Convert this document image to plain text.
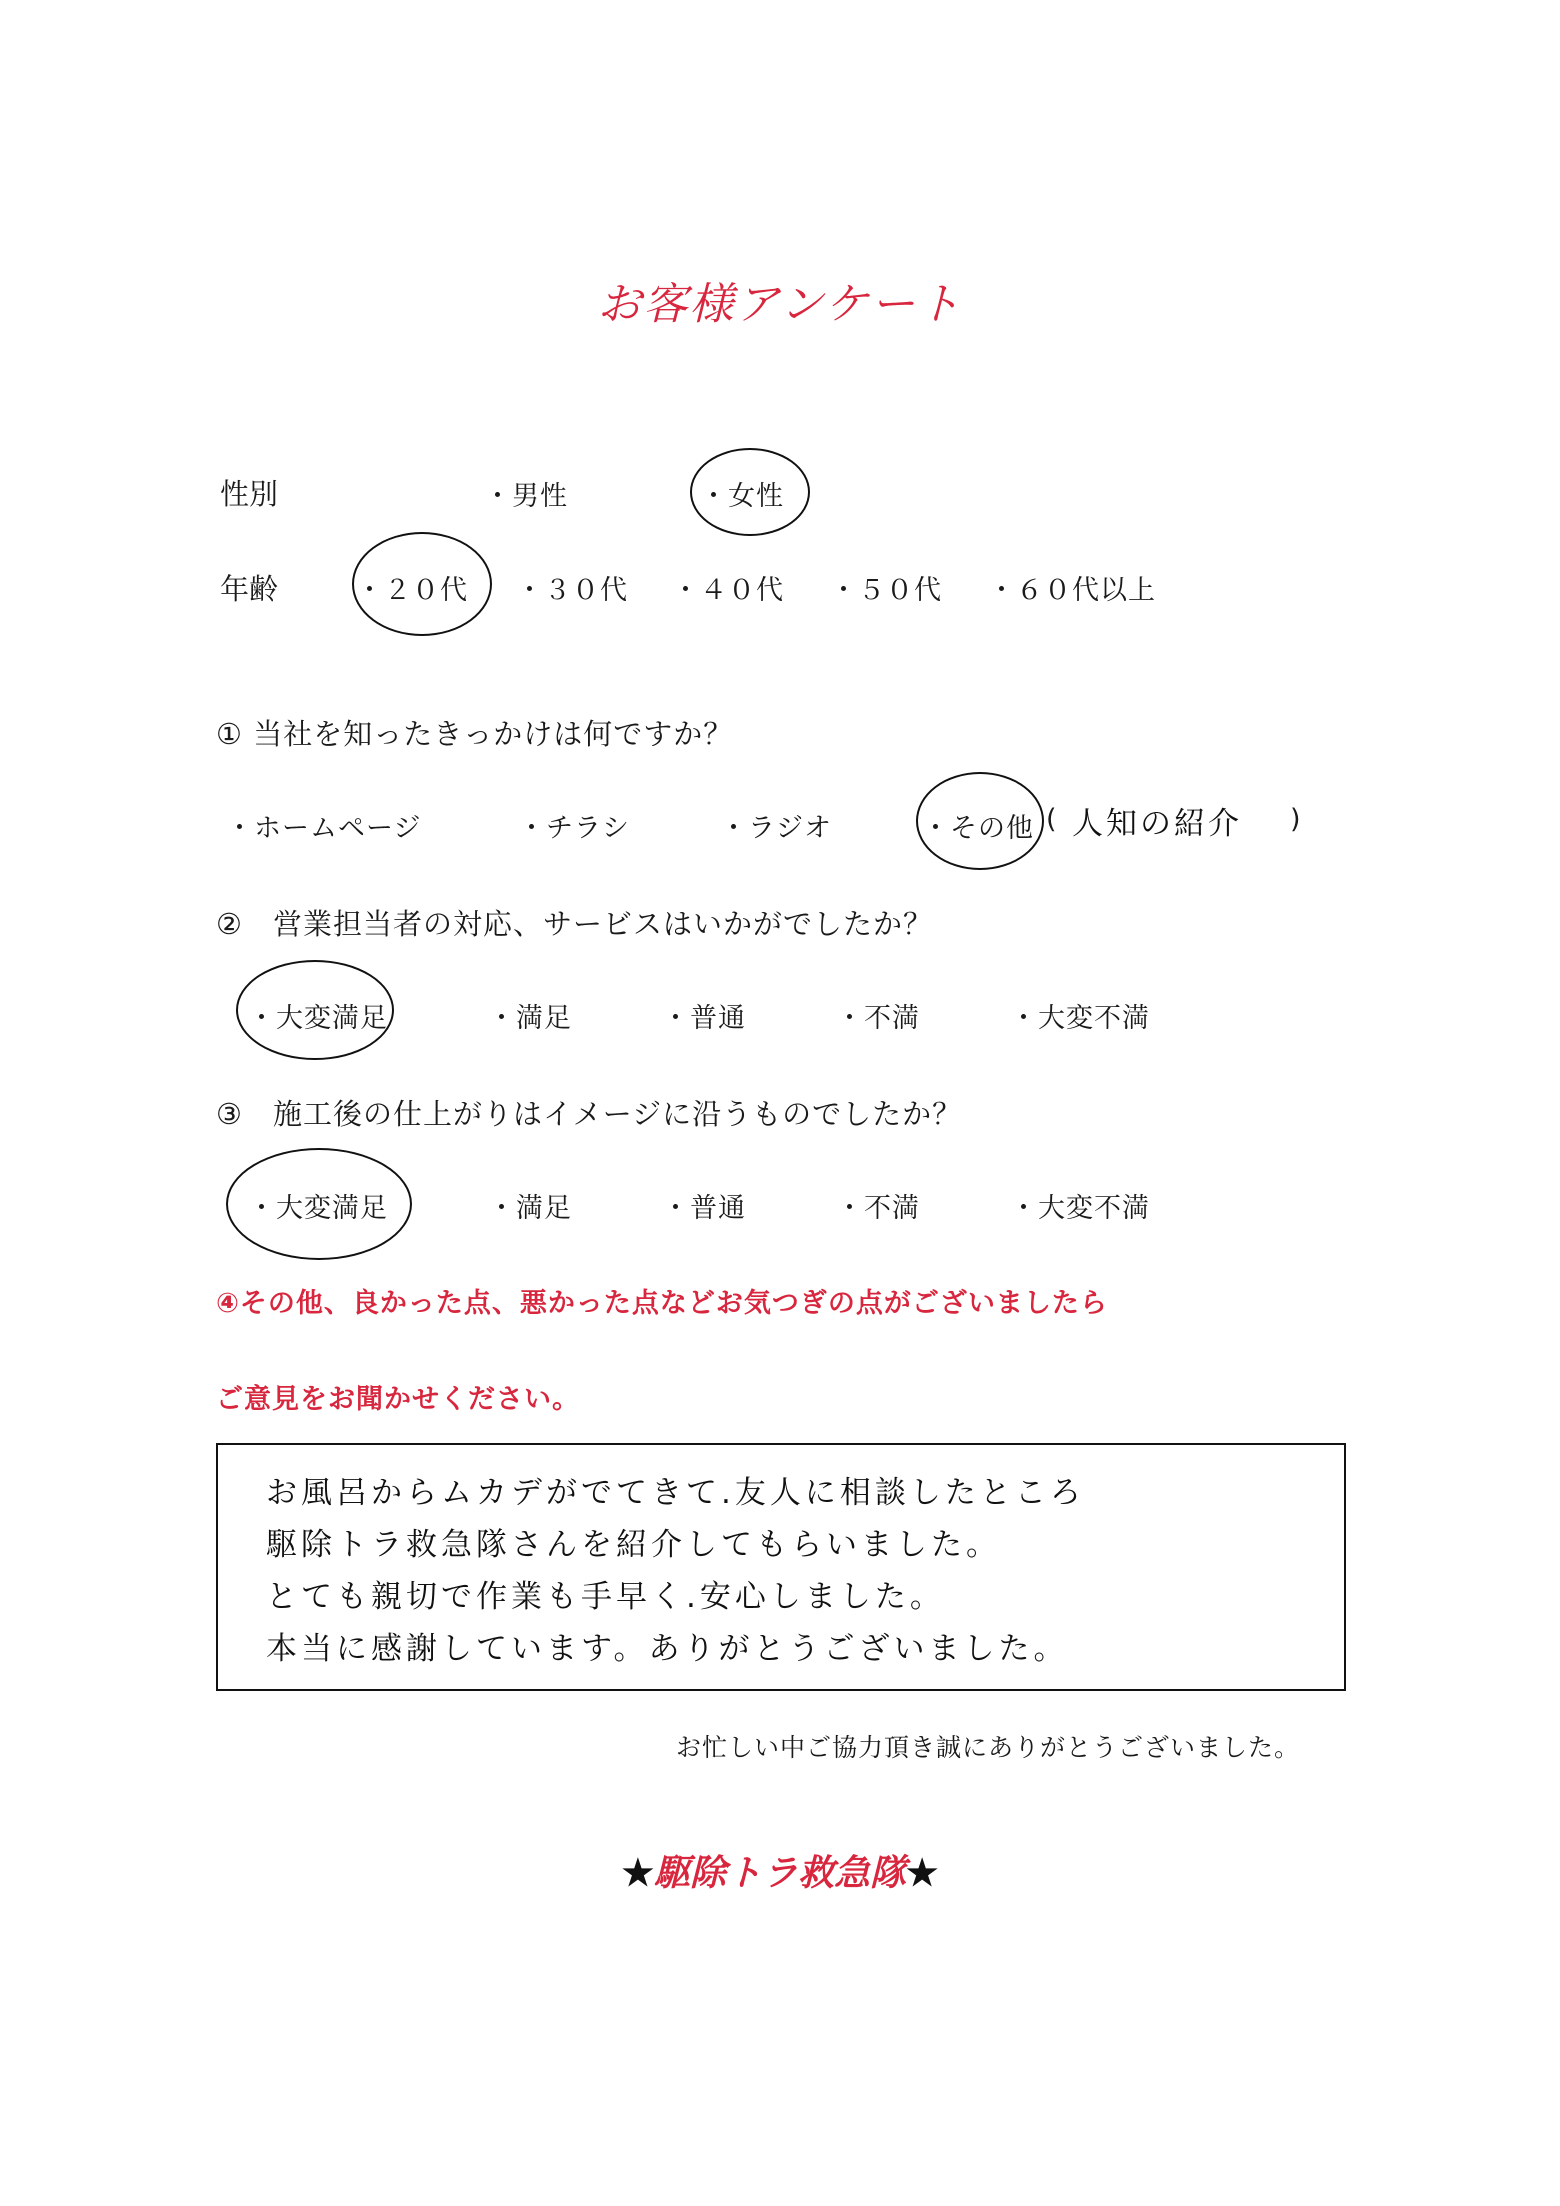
お客様アンケート
性別	・男性	・女性
年齢	・２０代 ・３０代 ・４０代 ・５０代 ・６０代以上
① 当社を知ったきっかけは何ですか？
・ホームページ	・チラシ	・ラジオ	・その他 ( 人知の紹介 )
②　営業担当者の対応、サービスはいかがでしたか？
・大変満足	・満足	・普通	・不満	・大変不満
③　施工後の仕上がりはイメージに沿うものでしたか？
・大変満足	・満足	・普通	・不満	・大変不満
④その他、良かった点、悪かった点などお気つぎの点がございましたら
ご意見をお聞かせください。
お風呂からムカデがでてきて.友人に相談したところ
駆除トラ救急隊さんを紹介してもらいました。
とても親切で作業も手早く.安心しました。
本当に感謝しています。ありがとうございました。
お忙しい中ご協力頂き誠にありがとうございました。
★駆除トラ救急隊★
